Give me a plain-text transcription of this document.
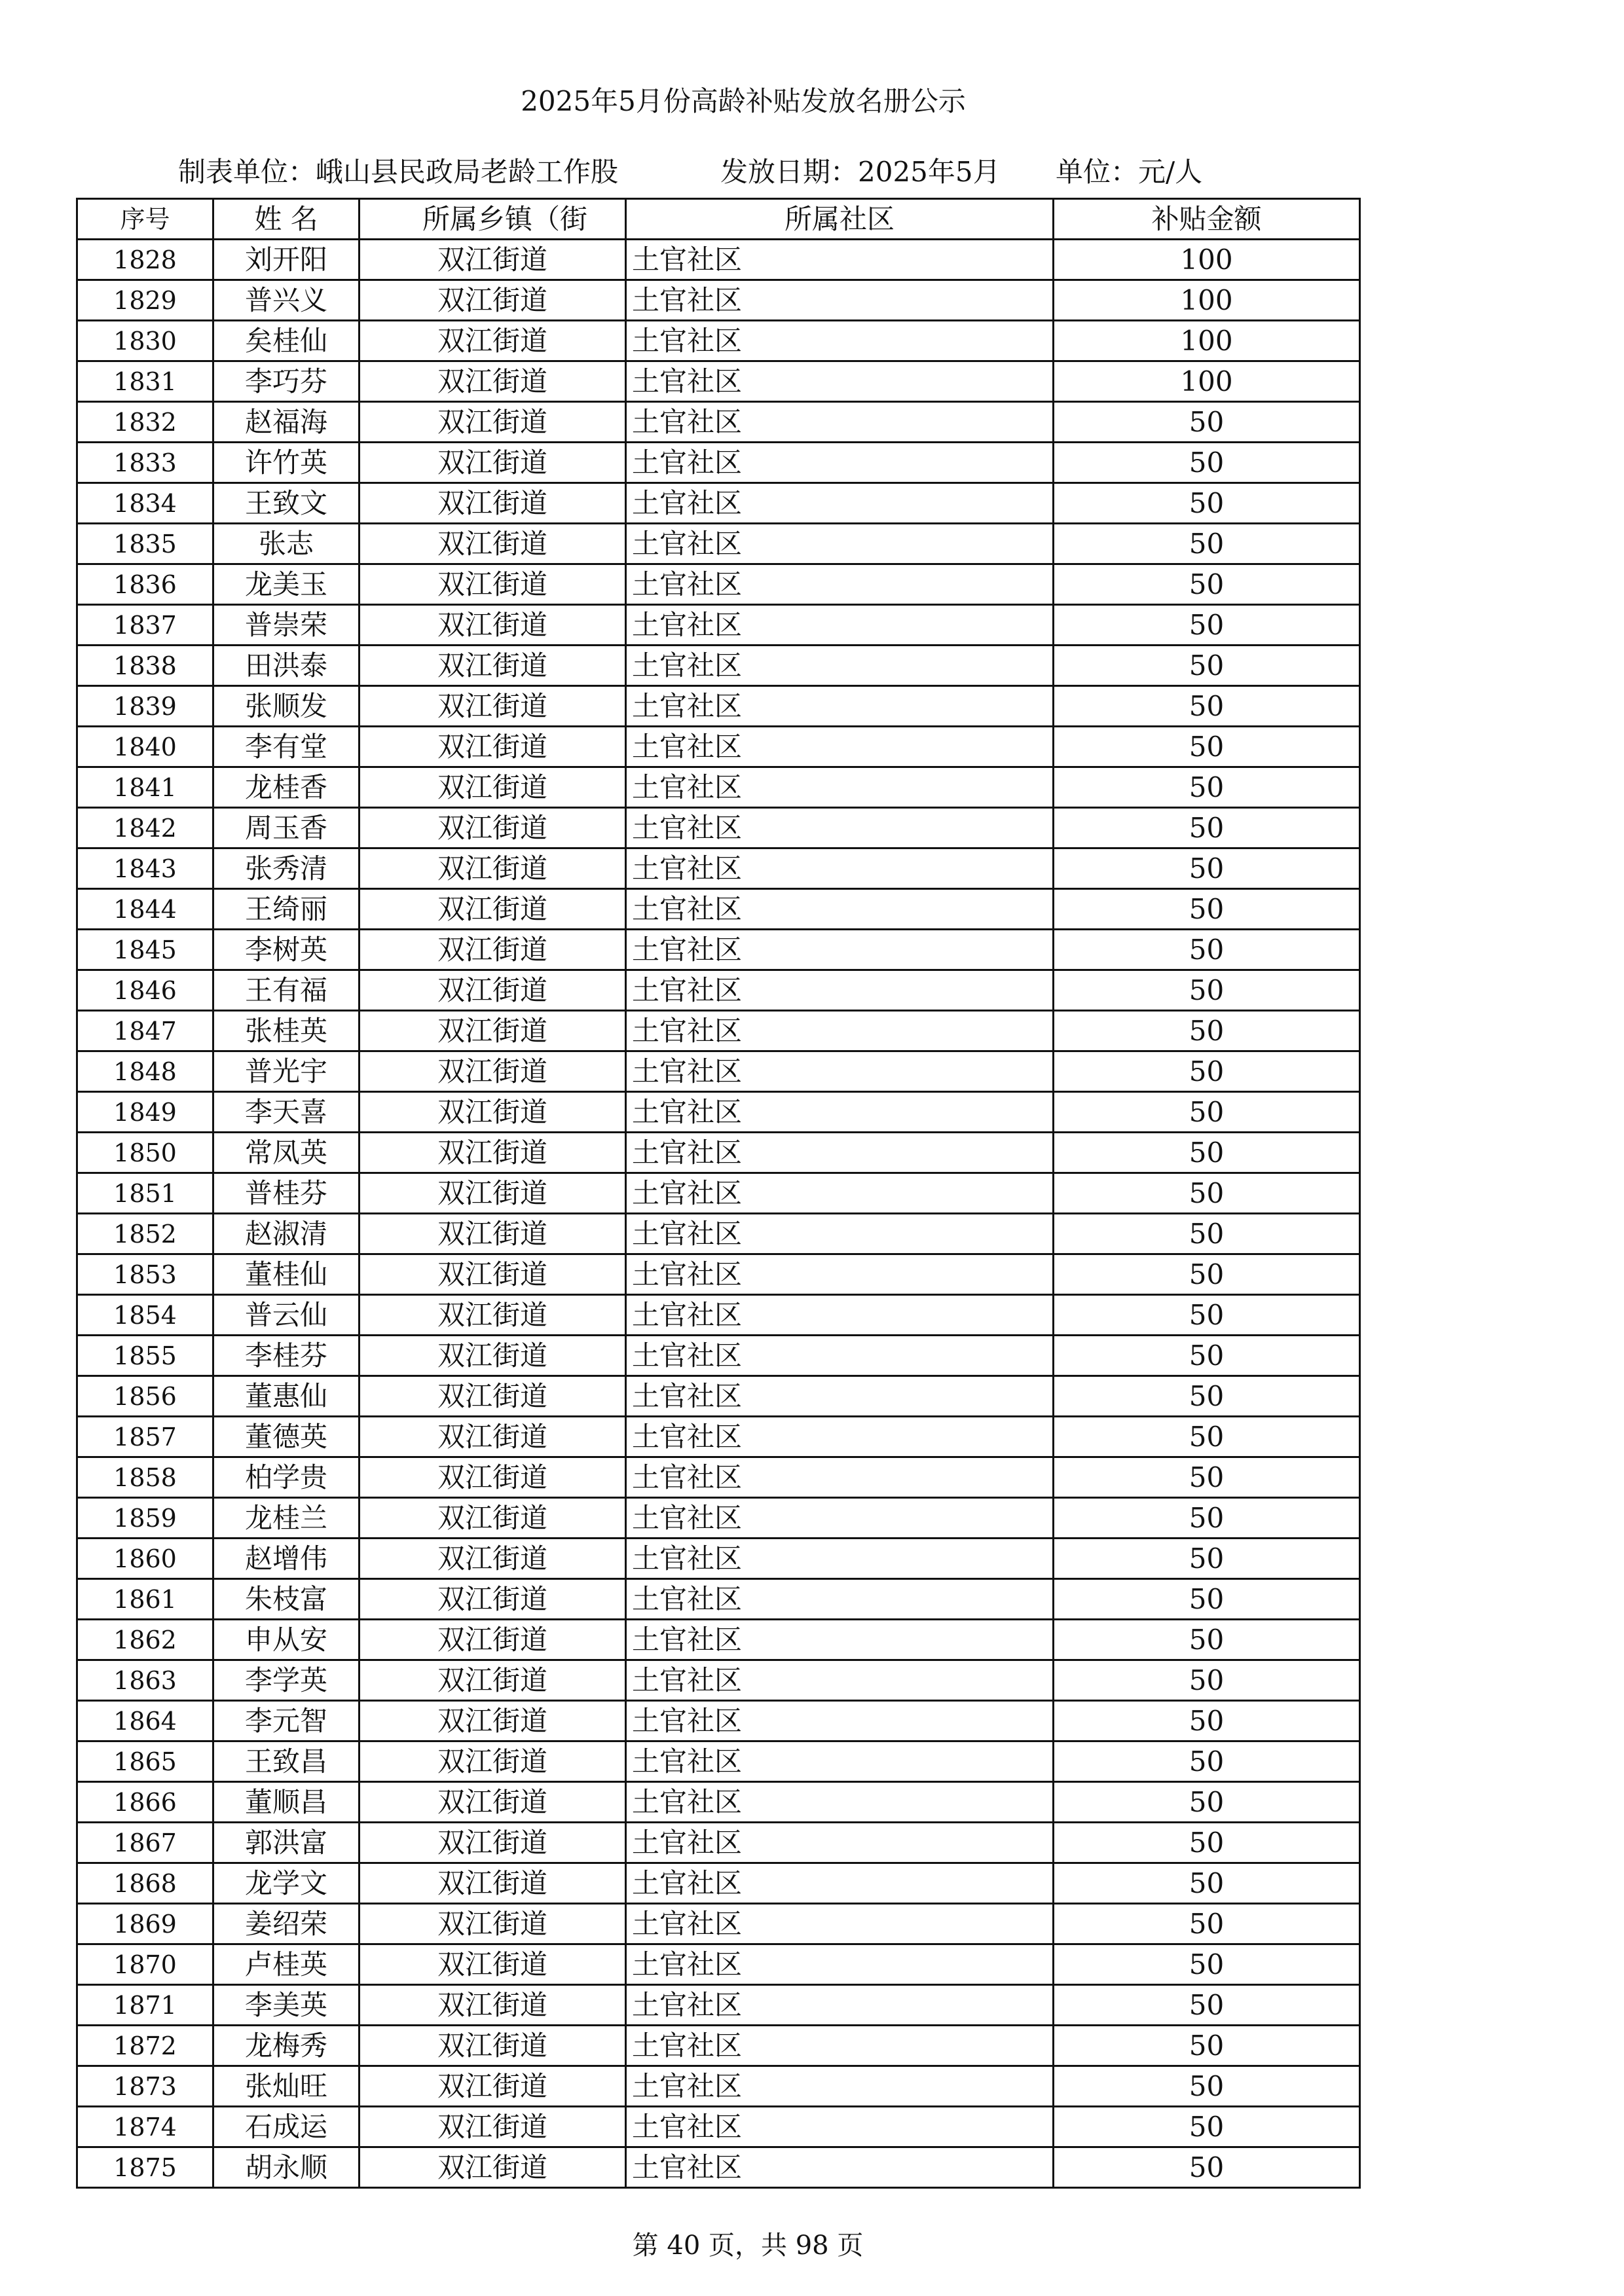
2025年5月份高龄补贴发放名册公示
制表单位：峨山县民政局老龄工作股	发放日期：2025年5月 单位：元/人
序号	姓 名	所属乡镇（街	所属社区	补贴金额
1828	刘开阳	双江街道	土官社区	100
1829	普兴义	双江街道	土官社区	100
1830	矣桂仙	双江街道	土官社区	100
1831	李巧芬	双江街道	土官社区	100
1832	赵福海	双江街道	土官社区	50
1833	许竹英	双江街道	土官社区	50
1834	王致文	双江街道	土官社区	50
1835	张志	双江街道	土官社区	50
1836	龙美玉	双江街道	土官社区	50
1837	普崇荣	双江街道	土官社区	50
1838	田洪泰	双江街道	土官社区	50
1839	张顺发	双江街道	土官社区	50
1840	李有堂	双江街道	土官社区	50
1841	龙桂香	双江街道	土官社区	50
1842	周玉香	双江街道	土官社区	50
1843	张秀清	双江街道	土官社区	50
1844	王绮丽	双江街道	土官社区	50
1845	李树英	双江街道	土官社区	50
1846	王有福	双江街道	土官社区	50
1847	张桂英	双江街道	土官社区	50
1848	普光宇	双江街道	土官社区	50
1849	李天喜	双江街道	土官社区	50
1850	常凤英	双江街道	土官社区	50
1851	普桂芬	双江街道	土官社区	50
1852	赵淑清	双江街道	土官社区	50
1853	董桂仙	双江街道	土官社区	50
1854	普云仙	双江街道	土官社区	50
1855	李桂芬	双江街道	土官社区	50
1856	董惠仙	双江街道	土官社区	50
1857	董德英	双江街道	土官社区	50
1858	柏学贵	双江街道	土官社区	50
1859	龙桂兰	双江街道	土官社区	50
1860	赵增伟	双江街道	土官社区	50
1861	朱枝富	双江街道	土官社区	50
1862	申从安	双江街道	土官社区	50
1863	李学英	双江街道	土官社区	50
1864	李元智	双江街道	土官社区	50
1865	王致昌	双江街道	土官社区	50
1866	董顺昌	双江街道	土官社区	50
1867	郭洪富	双江街道	土官社区	50
1868	龙学文	双江街道	土官社区	50
1869	姜绍荣	双江街道	土官社区	50
1870	卢桂英	双江街道	土官社区	50
1871	李美英	双江街道	土官社区	50
1872	龙梅秀	双江街道	土官社区	50
1873	张灿旺	双江街道	土官社区	50
1874	石成运	双江街道	土官社区	50
1875	胡永顺	双江街道	土官社区	50
第 40 页，共 98 页
